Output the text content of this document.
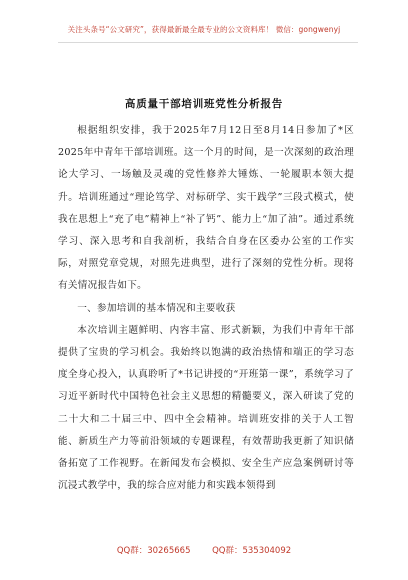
关注头条号“公文研究”，获得最新最全最专业的公文资料库！ 微信：gongwenyj
高质量干部培训班党性分析报告

根据组织安排，我于2025年7月12日至8月14日参加了*区2025年中青年干部培训班。这一个月的时间，是一次深刻的政治理论大学习、一场触及灵魂的党性修养大锤炼、一轮履职本领大提升。培训班通过“理论笃学、对标研学、实干践学”三段式模式，使我在思想上“充了电”精神上“补了钙”、能力上“加了油”。通过系统学习、深入思考和自我剖析，我结合自身在区委办公室的工作实际，对照党章党规，对照先进典型，进行了深刻的党性分析。现将有关情况报告如下。

一、参加培训的基本情况和主要收获

本次培训主题鲜明、内容丰富、形式新颖，为我们中青年干部提供了宝贵的学习机会。我始终以饱满的政治热情和端正的学习态度全身心投入，认真聆听了*书记讲授的“开班第一课”，系统学习了习近平新时代中国特色社会主义思想的精髓要义，深入研读了党的二十大和二十届三中、四中全会精神。培训班安排的关于人工智能、新质生产力等前沿领域的专题课程，有效帮助我更新了知识储备拓宽了工作视野。在新闻发布会模拟、安全生产应急案例研讨等沉浸式教学中，我的综合应对能力和实践本领得到

QQ群：30265665        QQ群：535304092
